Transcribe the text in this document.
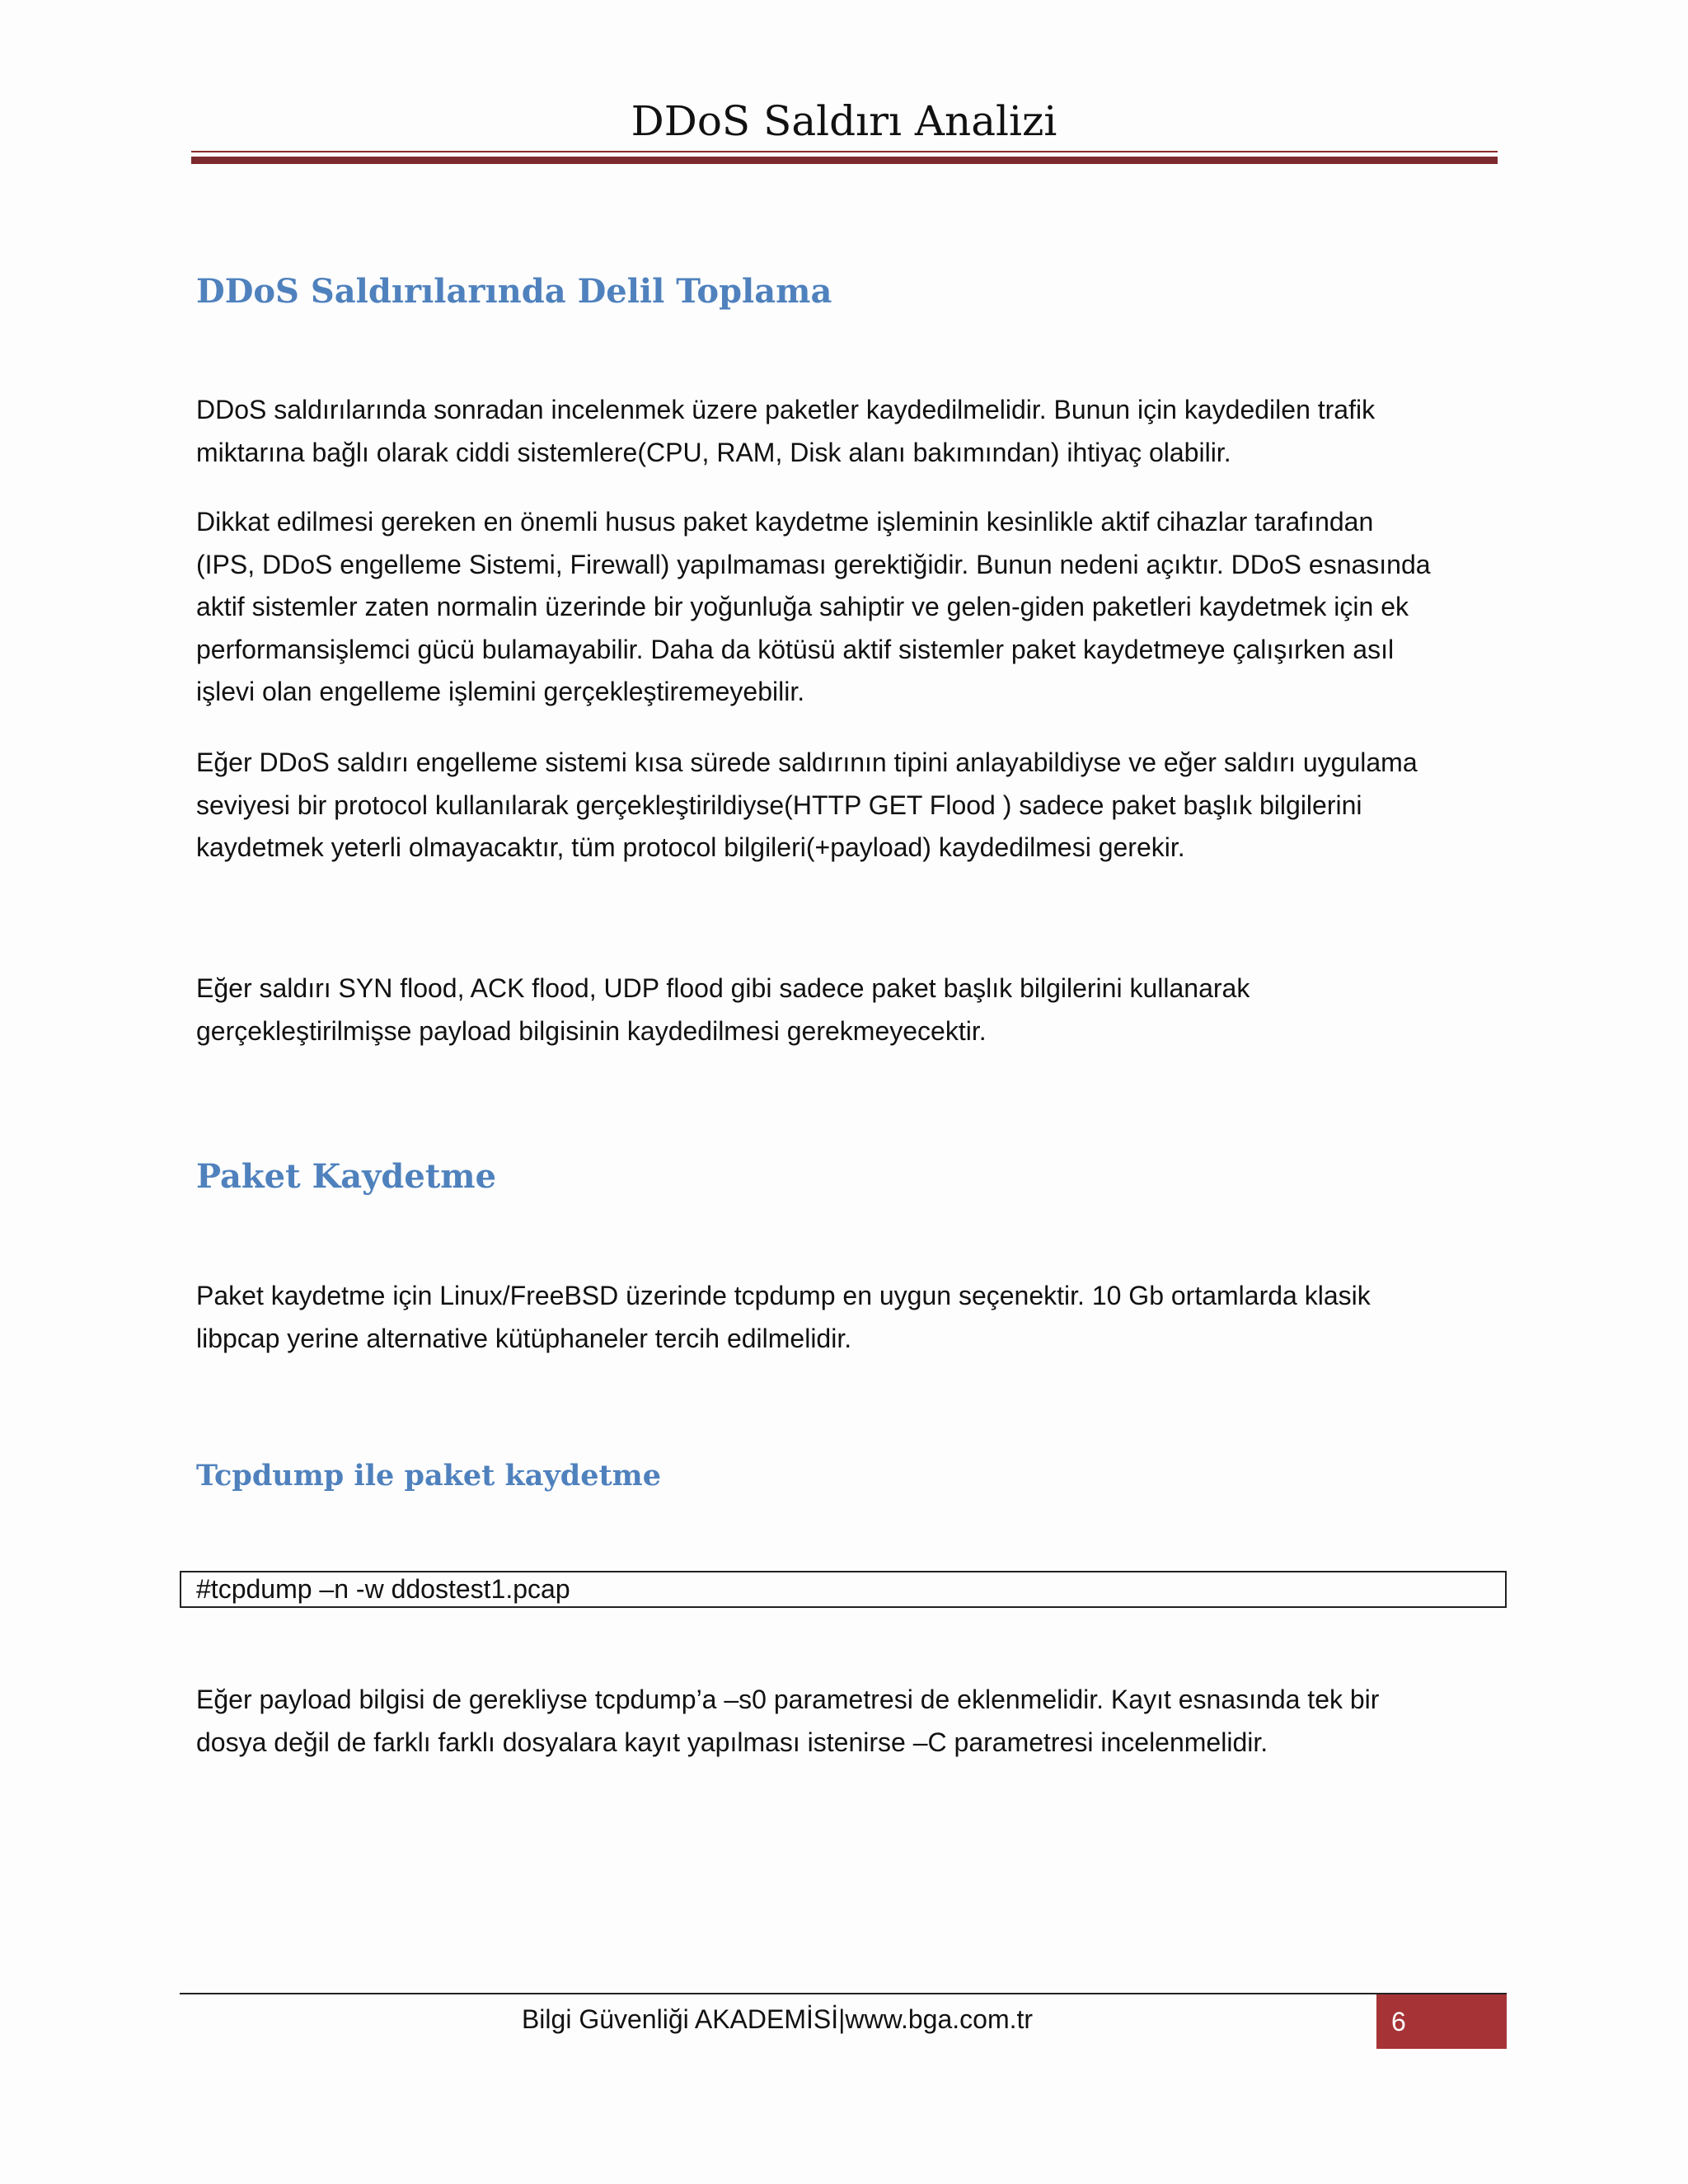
DDoS Saldırı Analizi
DDoS Saldırılarında Delil Toplama
DDoS saldırılarında sonradan incelenmek üzere paketler kaydedilmelidir. Bunun için kaydedilen trafik
miktarına bağlı olarak ciddi sistemlere(CPU, RAM, Disk alanı bakımından) ihtiyaç olabilir.
Dikkat edilmesi gereken en önemli husus paket kaydetme işleminin kesinlikle aktif cihazlar tarafından
(IPS, DDoS engelleme Sistemi, Firewall) yapılmaması gerektiğidir. Bunun nedeni açıktır. DDoS esnasında
aktif sistemler zaten normalin üzerinde bir yoğunluğa sahiptir ve gelen-giden paketleri kaydetmek için ek
performansişlemci gücü bulamayabilir. Daha da kötüsü aktif sistemler paket kaydetmeye çalışırken asıl
işlevi olan engelleme işlemini gerçekleştiremeyebilir.
Eğer DDoS saldırı engelleme sistemi kısa sürede saldırının tipini anlayabildiyse ve eğer saldırı uygulama
seviyesi bir protocol kullanılarak gerçekleştirildiyse(HTTP GET Flood ) sadece paket başlık bilgilerini
kaydetmek yeterli olmayacaktır, tüm protocol bilgileri(+payload) kaydedilmesi gerekir.
Eğer saldırı SYN flood, ACK flood, UDP flood gibi sadece paket başlık bilgilerini kullanarak
gerçekleştirilmişse payload bilgisinin kaydedilmesi gerekmeyecektir.
Paket Kaydetme
Paket kaydetme için Linux/FreeBSD üzerinde tcpdump en uygun seçenektir. 10 Gb ortamlarda klasik
libpcap yerine alternative kütüphaneler tercih edilmelidir.
Tcpdump ile paket kaydetme
#tcpdump –n -w ddostest1.pcap
Eğer payload bilgisi de gerekliyse tcpdump’a –s0 parametresi de eklenmelidir. Kayıt esnasında tek bir
dosya değil de farklı farklı dosyalara kayıt yapılması istenirse –C parametresi incelenmelidir.
Bilgi Güvenliği AKADEMİSİ|www.bga.com.tr	6
